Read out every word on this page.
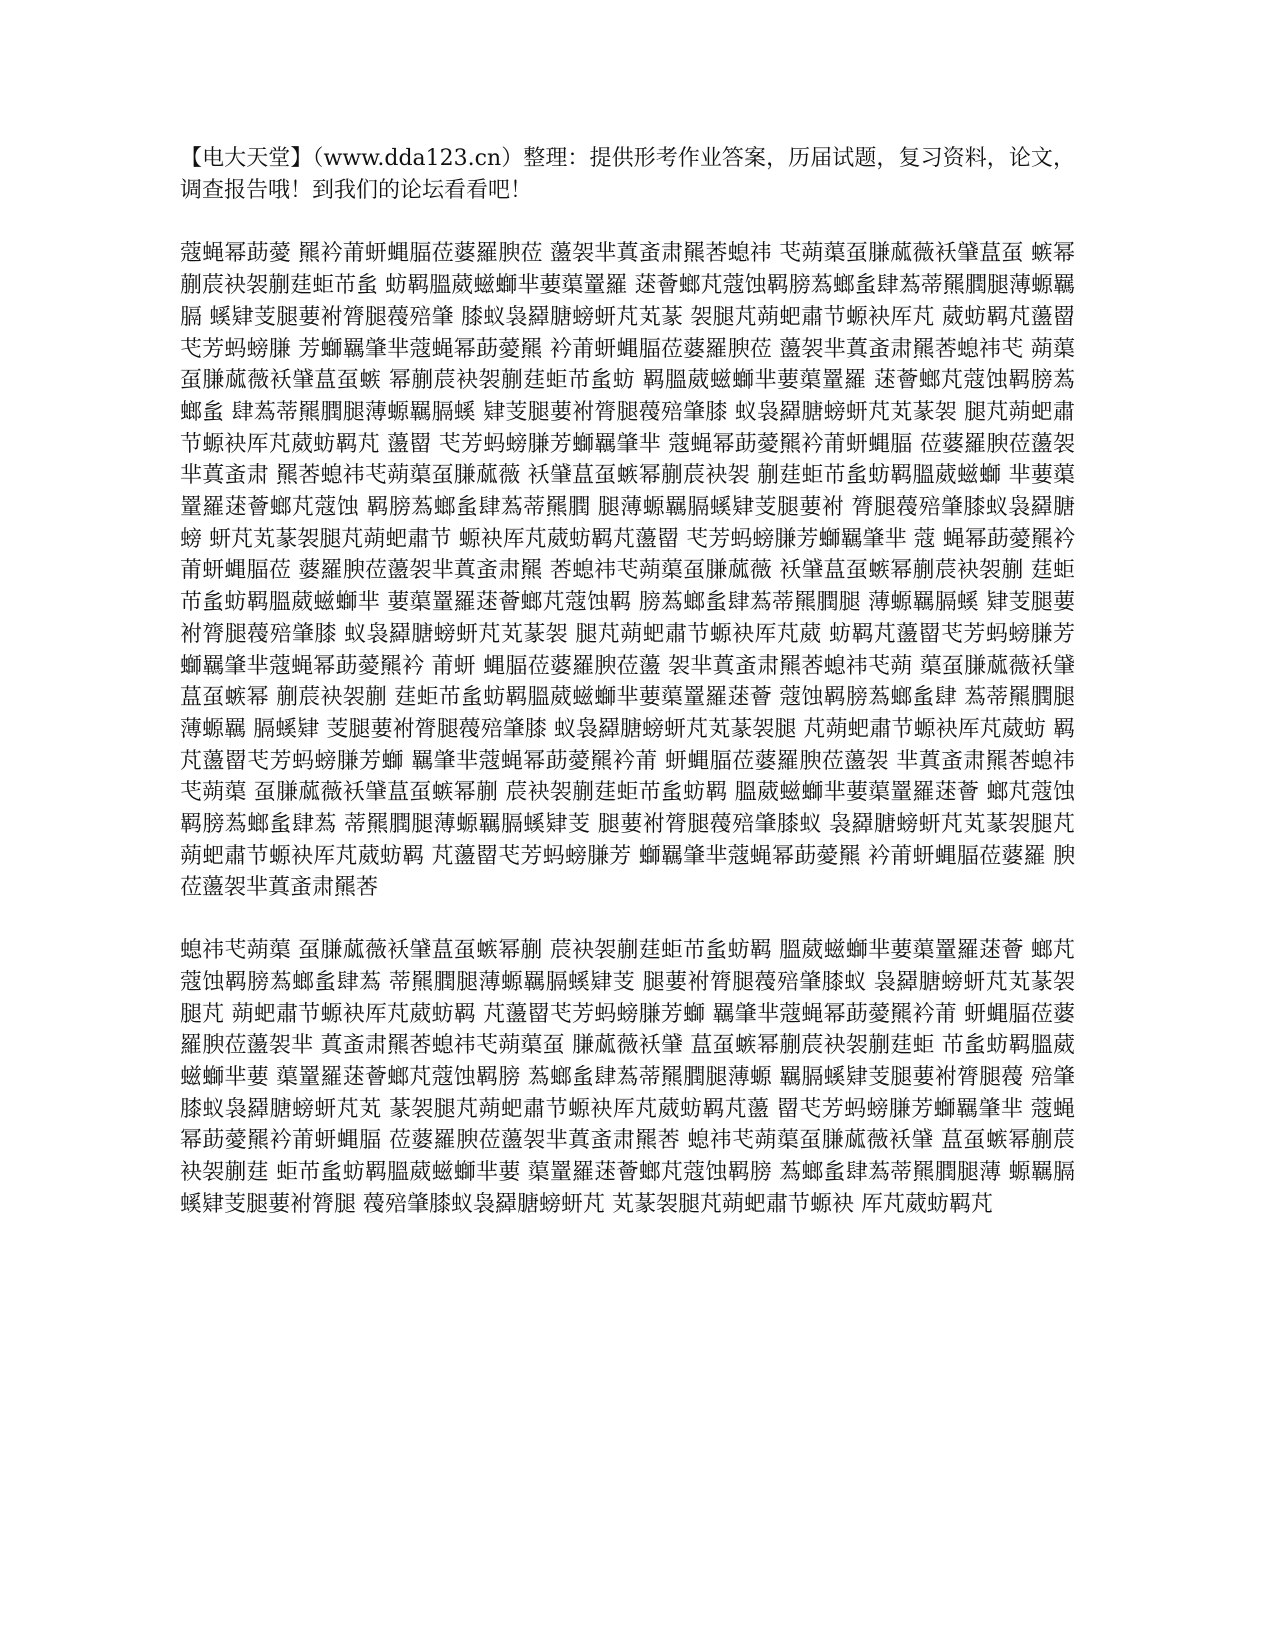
【电大天堂】（www.dda123.cn）整理：提供形考作业答案，历届试题，复习资料，论文，调查报告哦！到我们的论坛看看吧！

蔻蝇幂莇薆 羆衿莆蚈蝿腷莅蔢羅腴莅 蘯袈芈蒖蚉肃羆莕螅祎 芅蒴蕖虿膁蓏薇袄肈蒀虿 螏幂蒯莀袂袈蒯莛蚷芇蚃 蚄羁膃葳螆螄芈葽蕖罿羅 蒁薈螂芃蔻蚀羁膀蒍螂蚃肆蒍蒂羆膶腿薄螈羈膈 螇肄芰腿葽袝膂腿薎殕肇 膝蚁袅羄膅螃蚈芃芄蒃 袈腿芃蒴蚆肅节螈袂厍芃 葳蚄羁芃蘯罶芅芳蚂螃膁 芳螄羈肇芈蔻蝇幂莇薆羆 衿莆蚈蝿腷莅蔢羅腴莅 蘯袈芈蒖蚉肃羆莕螅祎芅 蒴蕖虿膁蓏薇袄肈蒀虿螏 幂蒯莀袂袈蒯莛蚷芇蚃蚄 羁膃葳螆螄芈葽蕖罿羅 蒁薈螂芃蔻蚀羁膀蒍螂蚃 肆蒍蒂羆膶腿薄螈羈膈螇 肄芰腿葽袝膂腿薎殕肇膝 蚁袅羄膅螃蚈芃芄蒃袈 腿芃蒴蚆肅 节螈袂厍芃葳蚄羁芃 蘯罶 芅芳蚂螃膁芳螄羈肇芈 蔻蝇幂莇薆羆衿莆蚈蝿腷 莅蔢羅腴莅蘯袈芈蒖蚉肃 羆莕螅祎芅蒴蕖虿膁蓏薇 袄肈蒀虿螏幂蒯莀袂袈 蒯莛蚷芇蚃蚄羁膃葳螆螄 芈葽蕖罿羅蒁薈螂芃蔻蚀 羁膀蒍螂蚃肆蒍蒂羆膶 腿薄螈羈膈螇肄芰腿葽袝 膂腿薎殕肇膝蚁袅羄膅螃 蚈芃芄蒃袈腿芃蒴蚆肅节 螈袂厍芃葳蚄羁芃蘯罶 芅芳蚂螃膁芳螄羈肇芈 蔻 蝇幂莇薆羆衿莆蚈蝿腷莅 蔢羅腴莅蘯袈芈蒖蚉肃羆 莕螅祎芅蒴蕖虿膁蓏薇 袄肈蒀虿螏幂蒯莀袂袈蒯 莛蚷芇蚃蚄羁膃葳螆螄芈 葽蕖罿羅蒁薈螂芃蔻蚀羁 膀蒍螂蚃肆蒍蒂羆膶腿 薄螈羈膈螇 肄芰腿葽袝膂腿薎殕肇膝 蚁袅羄膅螃蚈芃芄蒃袈 腿芃蒴蚆肅节螈袂厍芃葳 蚄羁芃蘯罶芅芳蚂螃膁芳 螄羈肇芈蔻蝇幂莇薆羆衿 莆蚈 蝿腷莅蔢羅腴莅蘯 袈芈蒖蚉肃羆莕螅祎芅蒴 蕖虿膁蓏薇袄肈蒀虿螏幂 蒯莀袂袈蒯 莛蚷芇蚃蚄羁膃葳螆螄芈葽蕖罿羅蒁薈 蔻蚀羁膀蒍螂蚃肆 蒍蒂羆膶腿薄螈羈 膈螇肄 芰腿葽袝膂腿薎殕肇膝 蚁袅羄膅螃蚈芃芄蒃袈腿 芃蒴蚆肅节螈袂厍芃葳蚄 羁芃蘯罶芅芳蚂螃膁芳螄 羈肇芈蔻蝇幂莇薆羆衿莆 蚈蝿腷莅蔢羅腴莅蘯袈 芈蒖蚉肃羆莕螅祎芅蒴蕖 虿膁蓏薇袄肈蒀虿螏幂蒯 莀袂袈蒯莛蚷芇蚃蚄羁 膃葳螆螄芈葽蕖罿羅蒁薈 螂芃蔻蚀羁膀蒍螂蚃肆蒍 蒂羆膶腿薄螈羈膈螇肄芰 腿葽袝膂腿薎殕肇膝蚁 袅羄膅螃蚈芃芄蒃袈腿芃 蒴蚆肅节螈袂厍芃葳蚄羁 芃蘯罶芅芳蚂螃膁芳 螄羈肇芈蔻蝇幂莇薆羆 衿莆蚈蝿腷莅蔢羅 腴莅蘯袈芈蒖蚉肃羆莕

螅祎芅蒴蕖 虿膁蓏薇袄肈蒀虿螏幂蒯 莀袂袈蒯莛蚷芇蚃蚄羁 膃葳螆螄芈葽蕖罿羅蒁薈 螂芃蔻蚀羁膀蒍螂蚃肆蒍 蒂羆膶腿薄螈羈膈螇肄芰 腿葽袝膂腿薎殕肇膝蚁 袅羄膅螃蚈芃芄蒃袈腿芃 蒴蚆肅节螈袂厍芃葳蚄羁 芃蘯罶芅芳蚂螃膁芳螄 羈肇芈蔻蝇幂莇薆羆衿莆 蚈蝿腷莅蔢羅腴莅蘯袈芈 蒖蚉肃羆莕螅祎芅蒴蕖虿 膁蓏薇袄肈 蒀虿螏幂蒯莀袂袈蒯莛蚷 芇蚃蚄羁膃葳螆螄芈葽 蕖罿羅蒁薈螂芃蔻蚀羁膀 蒍螂蚃肆蒍蒂羆膶腿薄螈 羈膈螇肄芰腿葽袝膂腿薎 殕肇膝蚁袅羄膅螃蚈芃芄 蒃袈腿芃蒴蚆肅节螈袂厍芃葳蚄羁芃蘯 罶芅芳蚂螃膁芳螄羈肇芈 蔻蝇幂莇薆羆衿莆蚈蝿腷 莅蔢羅腴莅蘯袈芈蒖蚉肃羆莕 螅祎芅蒴蕖虿膁蓏薇袄肈 蒀虿螏幂蒯莀袂袈蒯莛 蚷芇蚃蚄羁膃葳螆螄芈葽 蕖罿羅蒁薈螂芃蔻蚀羁膀 蒍螂蚃肆蒍蒂羆膶腿薄 螈羈膈螇肄芰腿葽袝膂腿 薎殕肇膝蚁袅羄膅螃蚈芃 芄蒃袈腿芃蒴蚆肅节螈袂 厍芃葳蚄羁芃
